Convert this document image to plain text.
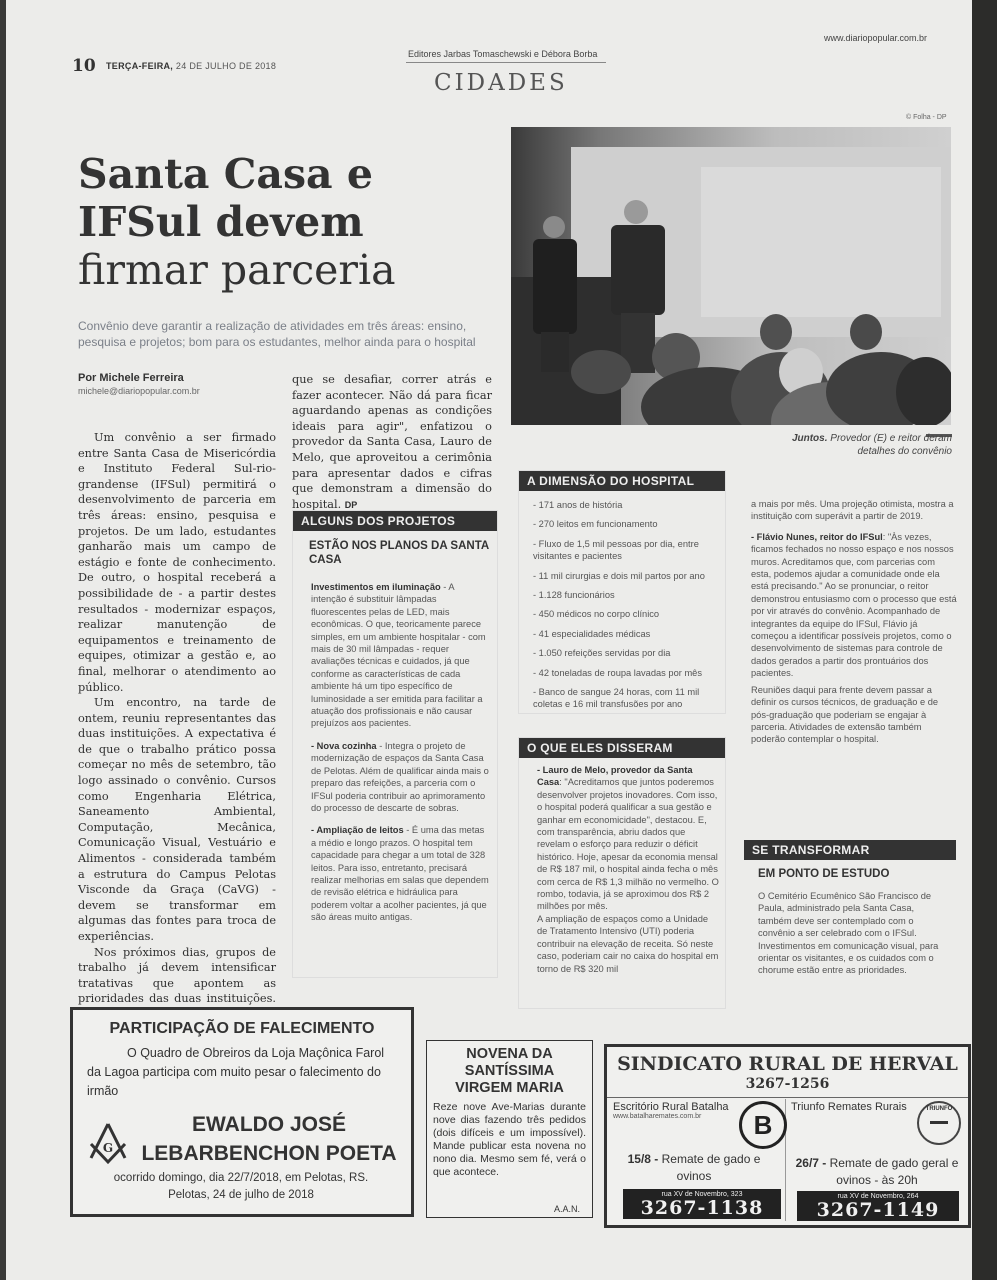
10 TERÇA-FEIRA, 24 DE JULHO DE 2018
Editores Jarbas Tomaschewski e Débora Borba
www.diariopopular.com.br
CIDADES
Santa Casa e
IFSul devem
firmar parceria
Convênio deve garantir a realização de atividades em três áreas: ensino, pesquisa e projetos; bom para os estudantes, melhor ainda para o hospital
Por Michele Ferreira
michele@diariopopular.com.br

Um convênio a ser firmado entre Santa Casa de Misericórdia e Instituto Federal Sul-rio-grandense (IFSul) permitirá o desenvolvimento de parceria em três áreas: ensino, pesquisa e projetos. De um lado, estudantes ganharão mais um campo de estágio e fonte de conhecimento. De outro, o hospital receberá a possibilidade de - a partir destes resultados - modernizar espaços, realizar manutenção de equipamentos e treinamento de equipes, otimizar a gestão e, ao final, melhorar o atendimento ao público.

Um encontro, na tarde de ontem, reuniu representantes das duas instituições. A expectativa é de que o trabalho prático possa começar no mês de setembro, tão logo assinado o convênio. Cursos como Engenharia Elétrica, Saneamento Ambiental, Computação, Mecânica, Comunicação Visual, Vestuário e Alimentos - considerada também a estrutura do Campus Pelotas Visconde da Graça (CaVG) - devem se transformar em algumas das fontes para troca de experiências.

Nos próximos dias, grupos de trabalho já devem intensificar tratativas que apontem as prioridades das duas instituições.

que se desafiar, correr atrás e fazer acontecer. Não dá para ficar aguardando apenas as condições ideais para agir", enfatizou o provedor da Santa Casa, Lauro de Melo, que aproveitou a cerimônia para apresentar dados e cifras que demonstram a dimensão do hospital. DP

© Folha - DP
Juntos. Provedor (E) e reitor deram detalhes do convênio
ALGUNS DOS PROJETOS
ESTÃO NOS PLANOS DA SANTA CASA

Investimentos em iluminação - A intenção é substituir lâmpadas fluorescentes pelas de LED, mais econômicas. O que, teoricamente parece simples, em um ambiente hospitalar - com mais de 30 mil lâmpadas - requer avaliações técnicas e cuidados, já que conforme as características de cada ambiente há um tipo específico de luminosidade a ser emitida para facilitar a atuação dos profissionais e não causar prejuízos aos pacientes.

- Nova cozinha - Integra o projeto de modernização de espaços da Santa Casa de Pelotas. Além de qualificar ainda mais o preparo das refeições, a parceria com o IFSul poderia contribuir ao aprimoramento do processo de descarte de sobras.

- Ampliação de leitos - É uma das metas a médio e longo prazos. O hospital tem capacidade para chegar a um total de 328 leitos. Para isso, entretanto, precisará realizar melhorias em salas que dependem de revisão elétrica e hidráulica para poderem voltar a acolher pacientes, já que são áreas muito antigas.

A DIMENSÃO DO HOSPITAL
- 171 anos de história
- 270 leitos em funcionamento
- Fluxo de 1,5 mil pessoas por dia, entre visitantes e pacientes
- 11 mil cirurgias e dois mil partos por ano
- 1.128 funcionários
- 450 médicos no corpo clínico
- 41 especialidades médicas
- 1.050 refeições servidas por dia
- 42 toneladas de roupa lavadas por mês
- Banco de sangue 24 horas, com 11 mil coletas e 16 mil transfusões por ano
O QUE ELES DISSERAM

- Lauro de Melo, provedor da Santa Casa: "Acreditamos que juntos poderemos desenvolver projetos inovadores. Com isso, o hospital poderá qualificar a sua gestão e ganhar em economicidade", destacou. E, com transparência, abriu dados que revelam o esforço para reduzir o déficit histórico. Hoje, apesar da economia mensal de R$ 187 mil, o hospital ainda fecha o mês com cerca de R$ 1,3 milhão no vermelho. O rombo, todavia, já se aproximou dos R$ 2 milhões por mês.

A ampliação de espaços como a Unidade de Tratamento Intensivo (UTI) poderia contribuir na elevação de receita. Só neste caso, poderiam cair no caixa do hospital em torno de R$ 320 mil

a mais por mês. Uma projeção otimista, mostra a instituição com superávit a partir de 2019.

- Flávio Nunes, reitor do IFSul: "Às vezes, ficamos fechados no nosso espaço e nos nossos muros. Acreditamos que, com parcerias com esta, podemos ajudar a comunidade onde ela está precisando." Ao se pronunciar, o reitor demonstrou entusiasmo com o processo que está por vir através do convênio. Acompanhado de integrantes da equipe do IFSul, Flávio já começou a identificar possíveis projetos, como o desenvolvimento de sistemas para controle de dados gerados a partir dos prontuários dos pacientes.

Reuniões daqui para frente devem passar a definir os cursos técnicos, de graduação e de pós-graduação que poderiam se engajar à parceria. Atividades de extensão também poderão contemplar o hospital.

SE TRANSFORMAR
EM PONTO DE ESTUDO
O Cemitério Ecumênico São Francisco de Paula, administrado pela Santa Casa, também deve ser contemplado com o convênio a ser celebrado com o IFSul. Investimentos em comunicação visual, para orientar os visitantes, e os cuidados com o chorume estão entre as prioridades.
PARTICIPAÇÃO DE FALECIMENTO
O Quadro de Obreiros da Loja Maçônica Farol da Lagoa participa com muito pesar o falecimento do irmão
G
EWALDO JOSÉ
LEBARBENCHON POETA
ocorrido domingo, dia 22/7/2018, em Pelotas, RS.
Pelotas, 24 de julho de 2018
NOVENA DA
SANTÍSSIMA
VIRGEM MARIA
Reze nove Ave-Marias durante nove dias fazendo três pedidos (dois difíceis e um impossível). Mande publicar esta novena no nono dia. Mesmo sem fé, verá o que acontece.
A.A.N.
SINDICATO RURAL DE HERVAL
3267-1256
Escritório Rural Batalha
www.batalharemates.com.br	B
15/8 - Remate de gado e ovinos
rua XV de Novembro, 323
3267-1138
Triunfo Remates Rurais	TRIUNFO
26/7 - Remate de gado geral e ovinos - às 20h
rua XV de Novembro, 264
3267-1149
